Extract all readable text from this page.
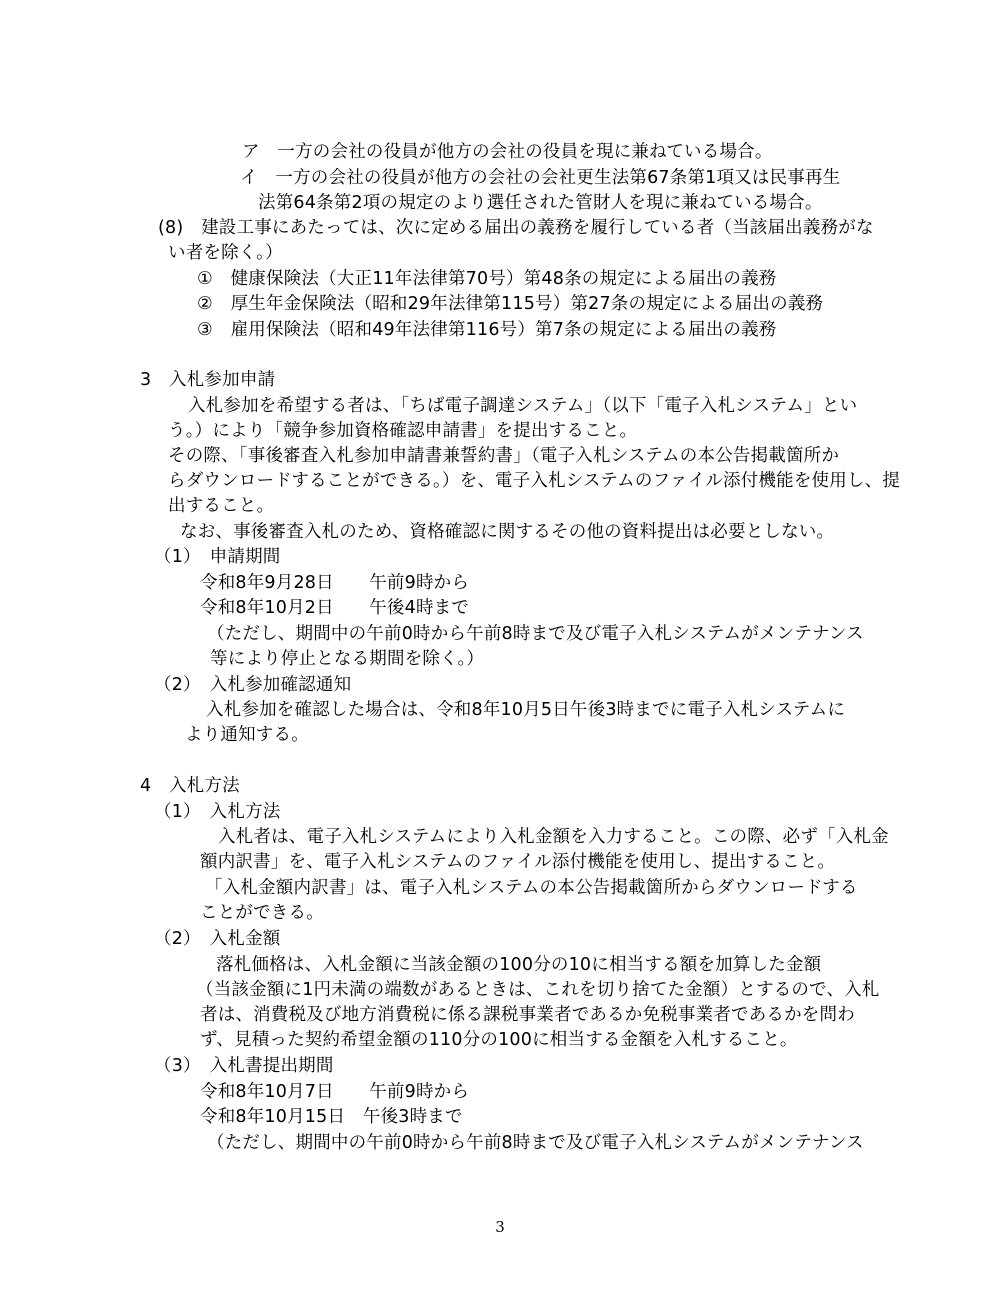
ア　一方の会社の役員が他方の会社の役員を現に兼ねている場合。
イ　一方の会社の役員が他方の会社の会社更生法第67条第1項又は民事再生
法第64条第2項の規定のより選任された管財人を現に兼ねている場合。
(8)　建設工事にあたっては、次に定める届出の義務を履行している者（当該届出義務がな
い者を除く。）
①　健康保険法（大正11年法律第70号）第48条の規定による届出の義務
②　厚生年金保険法（昭和29年法律第115号）第27条の規定による届出の義務
③　雇用保険法（昭和49年法律第116号）第7条の規定による届出の義務
3　入札参加申請
入札参加を希望する者は、「ちば電子調達システム」（以下「電子入札システム」とい
う。）により「競争参加資格確認申請書」を提出すること。
その際、「事後審査入札参加申請書兼誓約書」（電子入札システムの本公告掲載箇所か
らダウンロードすることができる。）を、電子入札システムのファイル添付機能を使用し、提
出すること。
なお、事後審査入札のため、資格確認に関するその他の資料提出は必要としない。
（1）　申請期間
令和8年9月28日　　午前9時から
令和8年10月2日　　午後4時まで
（ただし、期間中の午前0時から午前8時まで及び電子入札システムがメンテナンス
等により停止となる期間を除く。）
（2）　入札参加確認通知
入札参加を確認した場合は、令和8年10月5日午後3時までに電子入札システムに
より通知する。
4　入札方法
（1）　入札方法
入札者は、電子入札システムにより入札金額を入力すること。この際、必ず「入札金
額内訳書」を、電子入札システムのファイル添付機能を使用し、提出すること。
「入札金額内訳書」は、電子入札システムの本公告掲載箇所からダウンロードする
ことができる。
（2）　入札金額
落札価格は、入札金額に当該金額の100分の10に相当する額を加算した金額
（当該金額に1円未満の端数があるときは、これを切り捨てた金額）とするので、入札
者は、消費税及び地方消費税に係る課税事業者であるか免税事業者であるかを問わ
ず、見積った契約希望金額の110分の100に相当する金額を入札すること。
（3）　入札書提出期間
令和8年10月7日　　午前9時から
令和8年10月15日　午後3時まで
（ただし、期間中の午前0時から午前8時まで及び電子入札システムがメンテナンス
3
